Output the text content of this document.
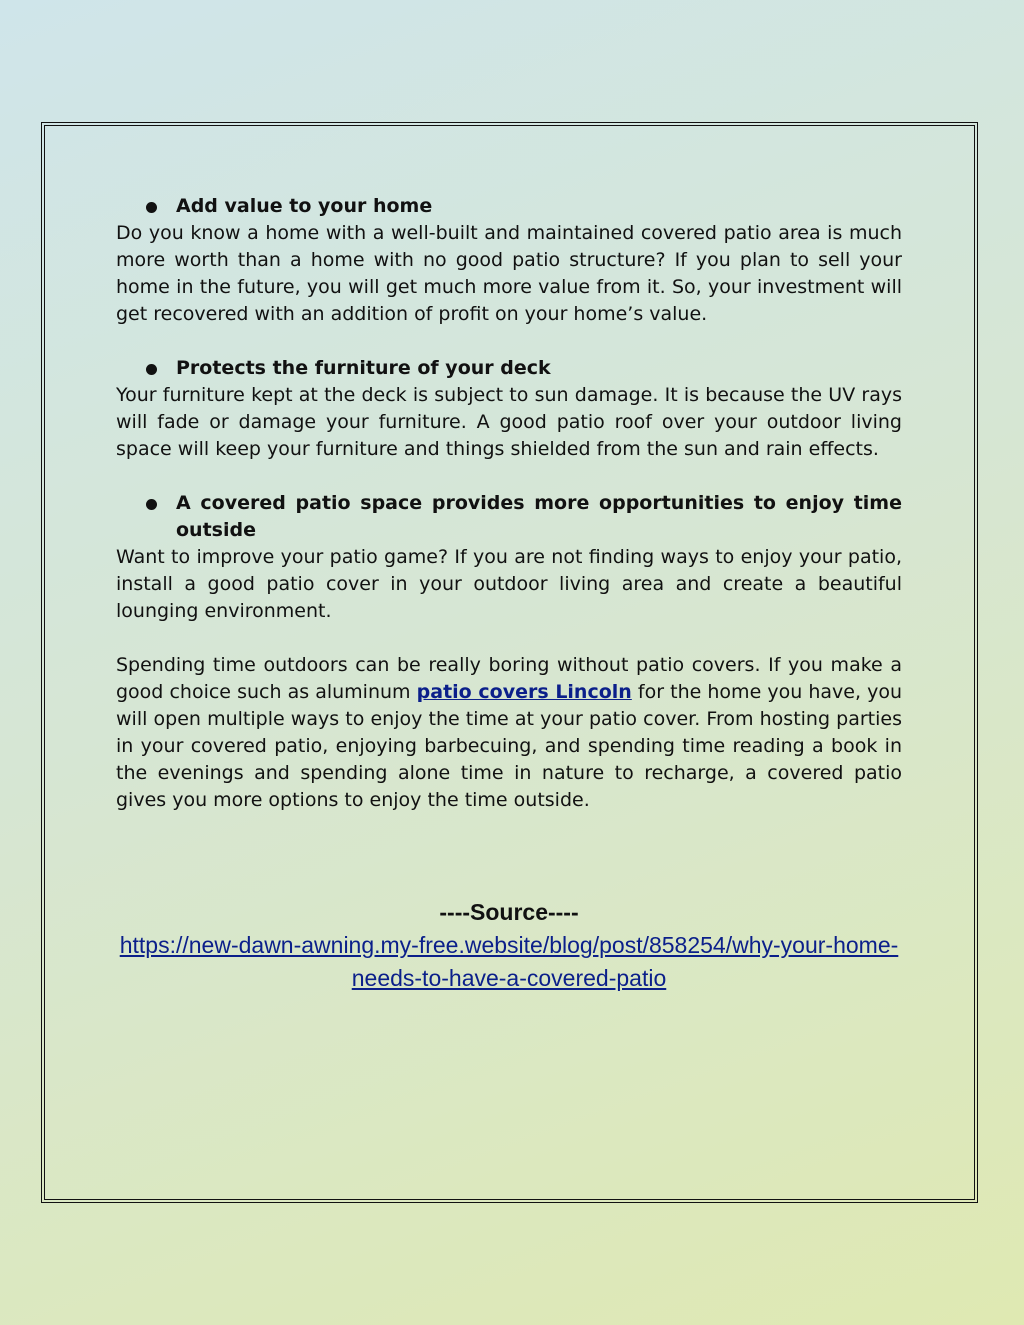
Add value to your home

Do you know a home with a well-built and maintained covered patio area is much more worth than a home with no good patio structure? If you plan to sell your home in the future, you will get much more value from it. So, your investment will get recovered with an addition of profit on your home’s value.

Protects the furniture of your deck

Your furniture kept at the deck is subject to sun damage. It is because the UV rays will fade or damage your furniture. A good patio roof over your outdoor living space will keep your furniture and things shielded from the sun and rain effects.

A covered patio space provides more opportunities to enjoy time outside

Want to improve your patio game? If you are not finding ways to enjoy your patio, install a good patio cover in your outdoor living area and create a beautiful lounging environment.

Spending time outdoors can be really boring without patio covers. If you make a good choice such as aluminum patio covers Lincoln for the home you have, you will open multiple ways to enjoy the time at your patio cover. From hosting parties in your covered patio, enjoying barbecuing, and spending time reading a book in the evenings and spending alone time in nature to recharge, a covered patio gives you more options to enjoy the time outside.

----Source----
https://new-dawn-awning.my-free.website/blog/post/858254/why-your-home-needs-to-have-a-covered-patio
